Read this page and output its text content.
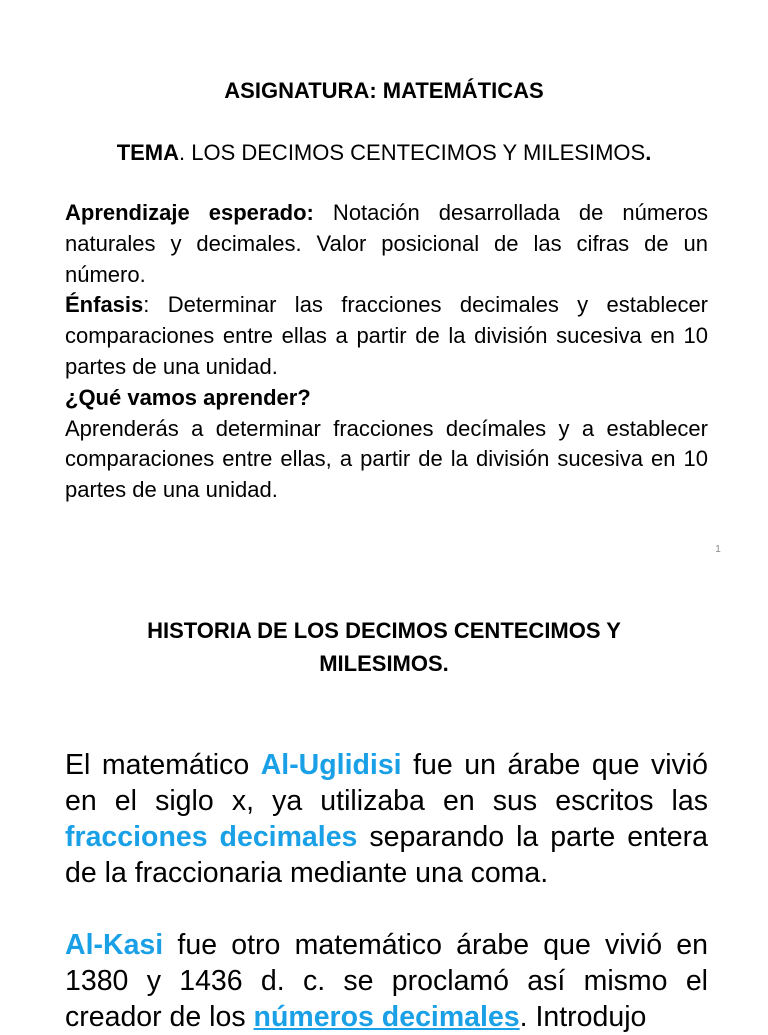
ASIGNATURA: MATEMÁTICAS

TEMA. LOS DECIMOS CENTECIMOS Y MILESIMOS.

Aprendizaje esperado: Notación desarrollada de números naturales y decimales. Valor posicional de las cifras de un número.

Énfasis: Determinar las fracciones decimales y establecer comparaciones entre ellas a partir de la división sucesiva en 10 partes de una unidad.

¿Qué vamos aprender?

Aprenderás a determinar fracciones decímales y a establecer comparaciones entre ellas, a partir de la división sucesiva en 10 partes de una unidad.

1
HISTORIA DE LOS DECIMOS CENTECIMOS Y
MILESIMOS.

El matemático Al-Uglidisi fue un árabe que vivió en el siglo x, ya utilizaba en sus escritos las fracciones decimales separando la parte entera de la fraccionaria mediante una coma.

Al-Kasi fue otro matemático árabe que vivió en 1380 y 1436 d. c. se proclamó así mismo el creador de los números decimales. Introdujo
